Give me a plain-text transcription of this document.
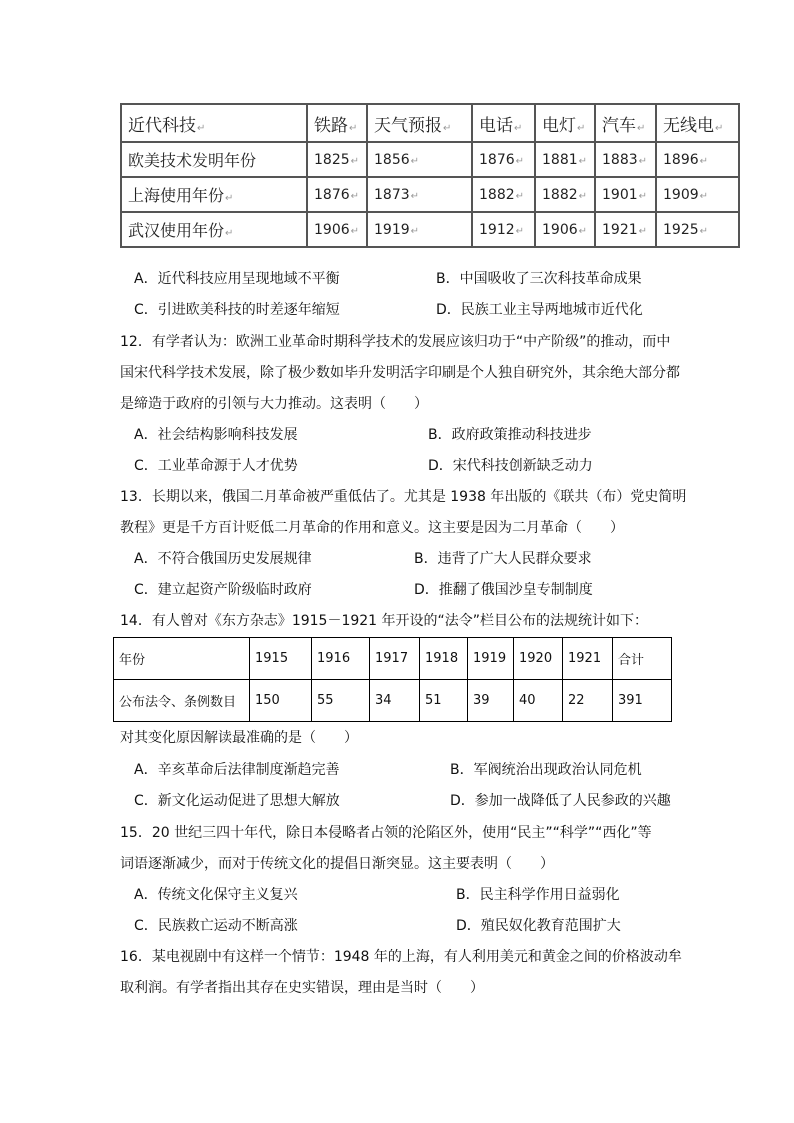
近代科技↵	铁路↵	天气预报↵	电话↵	电灯↵	汽车↵	无线电↵
欧美技术发明年份	1825↵	1856↵	1876↵	1881↵	1883↵	1896↵
上海使用年份↵	1876↵	1873↵	1882↵	1882↵	1901↵	1909↵
武汉使用年份↵	1906↵	1919↵	1912↵	1906↵	1921↵	1925↵
A．近代科技应用呈现地域不平衡	B．中国吸收了三次科技革命成果
C．引进欧美科技的时差逐年缩短	D．民族工业主导两地城市近代化
12．有学者认为：欧洲工业革命时期科学技术的发展应该归功于“中产阶级”的推动，而中
国宋代科学技术发展，除了极少数如毕升发明活字印刷是个人独自研究外，其余绝大部分都
是缔造于政府的引领与大力推动。这表明（　　）
A．社会结构影响科技发展	B．政府政策推动科技进步
C．工业革命源于人才优势	D．宋代科技创新缺乏动力
13．长期以来，俄国二月革命被严重低估了。尤其是 1938 年出版的《联共（布）党史简明
教程》更是千方百计贬低二月革命的作用和意义。这主要是因为二月革命（　　）
A．不符合俄国历史发展规律	B．违背了广大人民群众要求
C．建立起资产阶级临时政府	D．推翻了俄国沙皇专制制度
14．有人曾对《东方杂志》1915－1921 年开设的“法令”栏目公布的法规统计如下：
年份	1915	1916	1917	1918	1919	1920	1921	合计
公布法令、条例数目	150	55	34	51	39	40	22	391
对其变化原因解读最准确的是（　　）
A．辛亥革命后法律制度渐趋完善	B．军阀统治出现政治认同危机
C．新文化运动促进了思想大解放	D．参加一战降低了人民参政的兴趣
15．20 世纪三四十年代，除日本侵略者占领的沦陷区外，使用“民主”“科学”“西化”等
词语逐渐减少，而对于传统文化的提倡日渐突显。这主要表明（　　）
A．传统文化保守主义复兴	B．民主科学作用日益弱化
C．民族救亡运动不断高涨	D．殖民奴化教育范围扩大
16．某电视剧中有这样一个情节：1948 年的上海，有人利用美元和黄金之间的价格波动牟
取利润。有学者指出其存在史实错误，理由是当时（　　）
